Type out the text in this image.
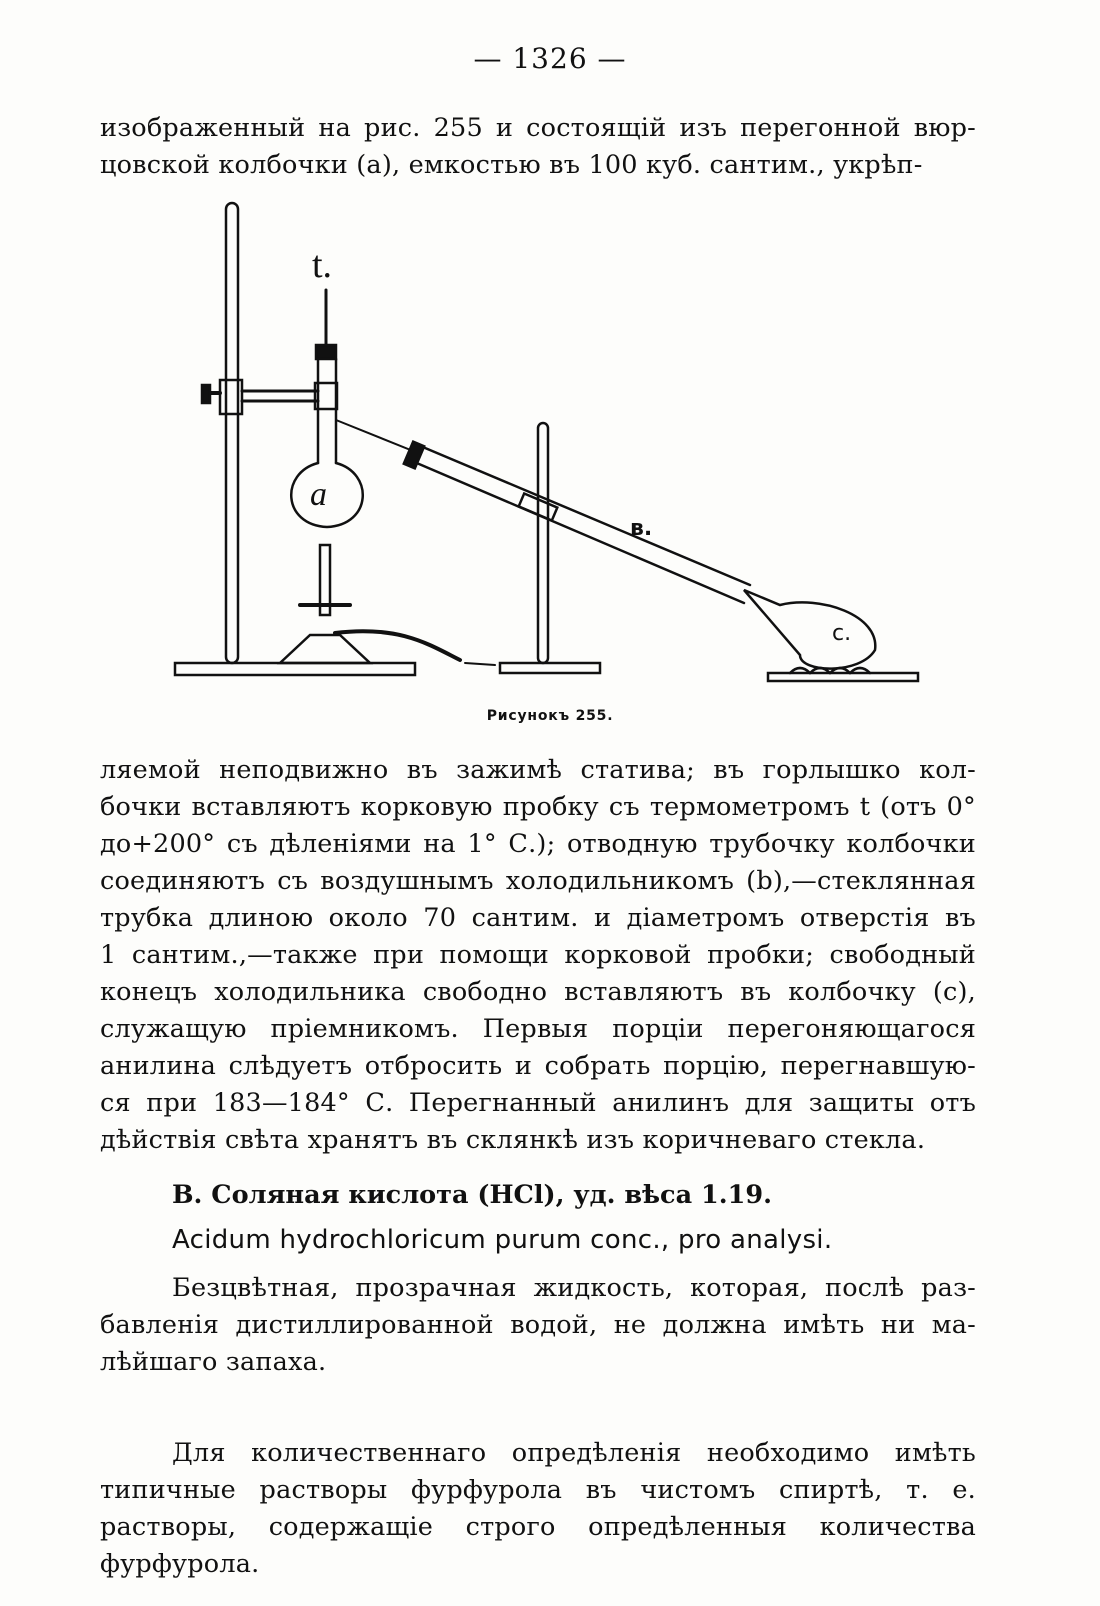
— 1326 —
изображенный на рис. 255 и состоящій изъ перегонной вюр-
цовской колбочки (a), емкостью въ 100 куб. сантим., укрѣп-
t.
a
в.
c.
Рисунокъ 255.
ляемой неподвижно въ зажимѣ статива; въ горлышко кол-
бочки вставляютъ корковую пробку съ термометромъ t (отъ 0°
до+200° съ дѣленіями на 1° С.); отводную трубочку колбочки
соединяютъ съ воздушнымъ холодильникомъ (b),—стеклянная
трубка длиною около 70 сантим. и діаметромъ отверстія въ
1 сантим.,—также при помощи корковой пробки; свободный
конецъ холодильника свободно вставляютъ въ колбочку (c),
служащую пріемникомъ. Первыя порціи перегоняющагося
анилина слѣдуетъ отбросить и собрать порцію, перегнавшую-
ся при 183—184° С. Перегнанный анилинъ для защиты отъ
дѣйствія свѣта хранятъ въ склянкѣ изъ коричневаго стекла.
B. Соляная кислота (HCl), уд. вѣса 1.19.
Acidum hydrochloricum purum conc., pro analysi.
Безцвѣтная, прозрачная жидкость, которая, послѣ раз-
бавленія дистиллированной водой, не должна имѣть ни ма-
лѣйшаго запаха.
Для количественнаго опредѣленія необходимо имѣть
типичные растворы фурфурола въ чистомъ спиртѣ, т. е.
растворы, содержащіе строго опредѣленныя количества
фурфурола.
